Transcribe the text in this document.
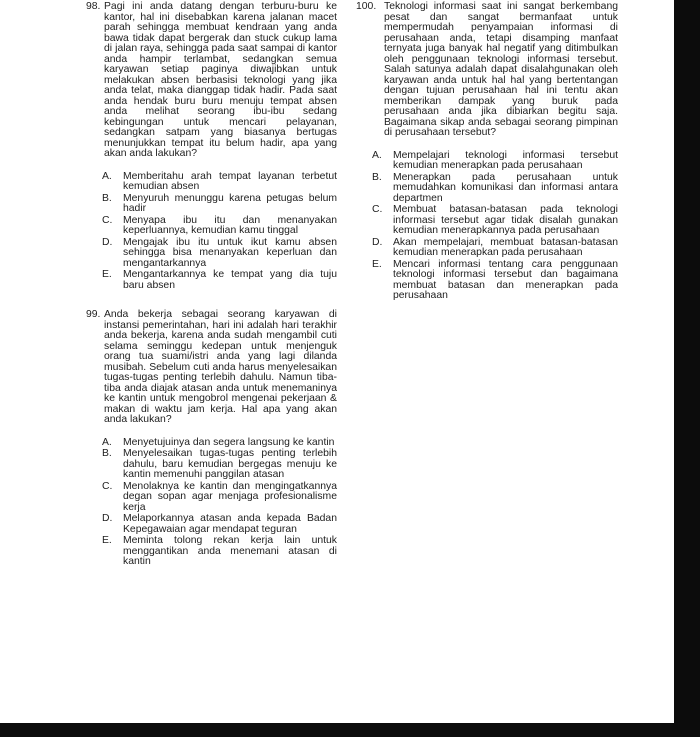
98. Pagi ini anda datang dengan terburu-buru ke kantor, hal ini disebabkan karena jalanan macet parah sehingga membuat kendraan yang anda bawa tidak dapat bergerak dan stuck cukup lama di jalan raya, sehingga pada saat sampai di kantor anda hampir terlambat, sedangkan semua karyawan setiap paginya diwajibkan untuk melakukan absen berbasisi teknologi yang jika anda telat, maka dianggap tidak hadir. Pada saat anda hendak buru buru menuju tempat absen anda melihat seorang ibu-ibu sedang kebingungan untuk mencari pelayanan, sedangkan satpam yang biasanya bertugas menunjukkan tempat itu belum hadir, apa yang akan anda lakukan?

A.	Memberitahu arah tempat layanan terbetut kemudian absen
B.	Menyuruh menunggu karena petugas belum hadir
C.	Menyapa ibu itu dan menanyakan keperluannya, kemudian kamu tinggal
D.	Mengajak ibu itu untuk ikut kamu absen sehingga bisa menanyakan keperluan dan mengantarkannya
E.	Mengantarkannya ke tempat yang dia tuju baru absen
99. Anda bekerja sebagai seorang karyawan di instansi pemerintahan, hari ini adalah hari terakhir anda bekerja, karena anda sudah mengambil cuti selama seminggu kedepan untuk menjenguk orang tua suami/istri anda yang lagi dilanda musibah. Sebelum cuti anda harus menyelesaikan tugas-tugas penting terlebih dahulu. Namun tiba-tiba anda diajak atasan anda untuk menemaninya ke kantin untuk mengobrol mengenai pekerjaan & makan di waktu jam kerja. Hal apa yang akan anda lakukan?

A.	Menyetujuinya dan segera langsung ke kantin
B.	Menyelesaikan tugas-tugas penting terlebih dahulu, baru kemudian bergegas menuju ke kantin memenuhi panggilan atasan
C.	Menolaknya ke kantin dan mengingatkannya degan sopan agar menjaga profesionalisme kerja
D.	Melaporkannya atasan anda kepada Badan Kepegawaian agar mendapat teguran
E.	Meminta tolong rekan kerja lain untuk menggantikan anda menemani atasan di kantin
100. Teknologi informasi saat ini sangat berkembang pesat dan sangat bermanfaat untuk mempermudah penyampaian informasi di perusahaan anda, tetapi disamping manfaat ternyata juga banyak hal negatif yang ditimbulkan oleh penggunaan teknologi informasi tersebut. Salah satunya adalah dapat disalahgunakan oleh karyawan anda untuk hal hal yang bertentangan dengan tujuan perusahaan hal ini tentu akan memberikan dampak yang buruk pada perusahaan anda jika dibiarkan begitu saja. Bagaimana sikap anda sebagai seorang pimpinan di perusahaan tersebut?

A.	Mempelajari teknologi informasi tersebut kemudian menerapkan pada perusahaan
B.	Menerapkan pada perusahaan untuk memudahkan komunikasi dan informasi antara departmen
C.	Membuat batasan-batasan pada teknologi informasi tersebut agar tidak disalah gunakan kemudian menerapkannya pada perusahaan
D.	Akan mempelajari, membuat batasan-batasan kemudian menerapkan pada perusahaan
E.	Mencari informasi tentang cara penggunaan teknologi informasi tersebut dan bagaimana membuat batasan dan menerapkan pada perusahaan
